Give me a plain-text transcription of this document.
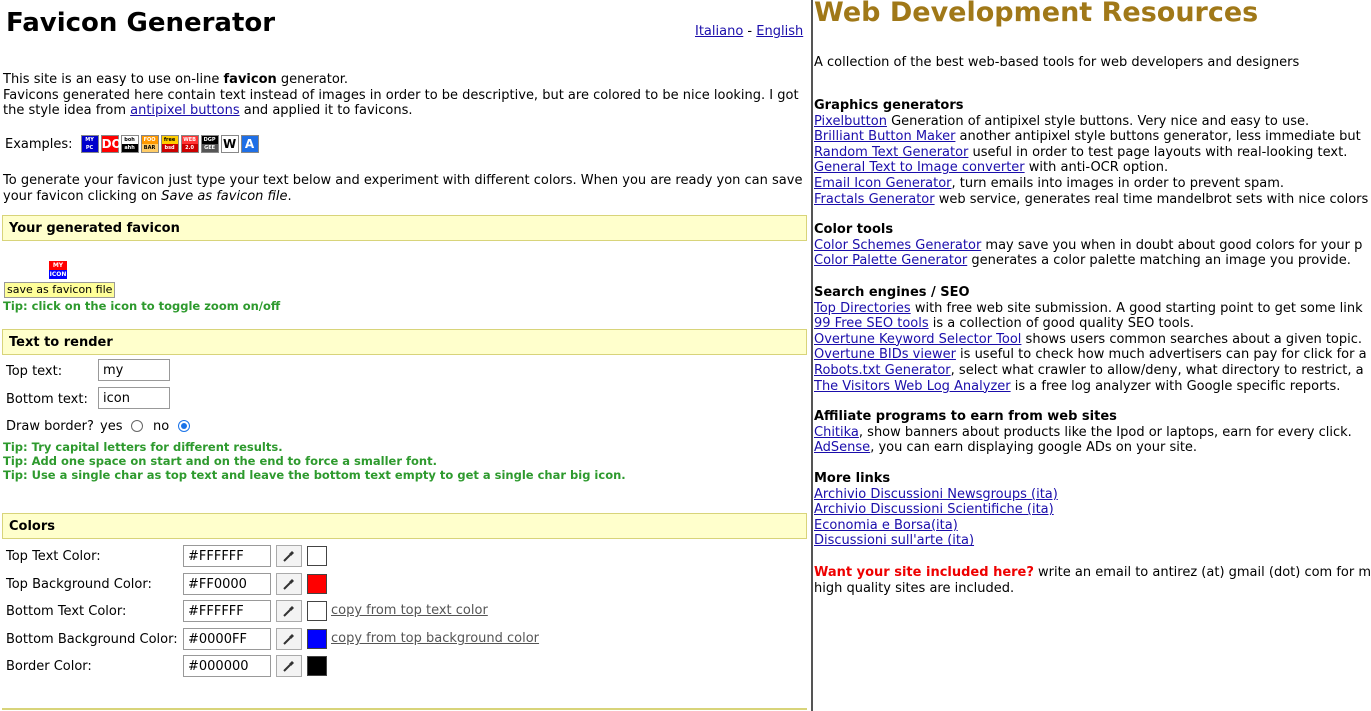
Favicon Generator	Italiano - English
This site is an easy to use on-line favicon generator.
Favicons generated here contain text instead of images in order to be descriptive, but are colored to be nice looking. I got the style idea from antipixel buttons and applied it to favicons.
Examples:	MY
PC DO boh
ahh
FOO
BAR
free
bsd
WEB
2.0
DGP
GEE W A
To generate your favicon just type your text below and experiment with different colors. When you are ready yon can save your favicon clicking on Save as favicon file.
Your generated favicon
MY
ICON
save as favicon file
Tip: click on the icon to toggle zoom on/off
Text to render
Top text:
my
Bottom text:
icon
Draw border? yes no
Tip: Try capital letters for different results.
Tip: Add one space on start and on the end to force a smaller font.
Tip: Use a single char as top text and leave the bottom text empty to get a single char big icon.
Colors
Top Text Color:
#FFFFFF
Top Background Color:
#FF0000
Bottom Text Color:
#FFFFFF	copy from top text color
Bottom Background Color:
#0000FF	copy from top background color
Border Color:
#000000
Web Development Resources
A collection of the best web-based tools for web developers and designers
Graphics generators
Pixelbutton Generation of antipixel style buttons. Very nice and easy to use.
Brilliant Button Maker another antipixel style buttons generator, less immediate but
Random Text Generator useful in order to test page layouts with real-looking text.
General Text to Image converter with anti-OCR option.
Email Icon Generator, turn emails into images in order to prevent spam.
Fractals Generator web service, generates real time mandelbrot sets with nice colors
Color tools
Color Schemes Generator may save you when in doubt about good colors for your p
Color Palette Generator generates a color palette matching an image you provide.
Search engines / SEO
Top Directories with free web site submission. A good starting point to get some link
99 Free SEO tools is a collection of good quality SEO tools.
Overtune Keyword Selector Tool shows users common searches about a given topic.
Overtune BIDs viewer is useful to check how much advertisers can pay for click for a
Robots.txt Generator, select what crawler to allow/deny, what directory to restrict, a
The Visitors Web Log Analyzer is a free log analyzer with Google specific reports.
Affiliate programs to earn from web sites
Chitika, show banners about products like the Ipod or laptops, earn for every click.
AdSense, you can earn displaying google ADs on your site.
More links
Archivio Discussioni Newsgroups (ita)
Archivio Discussioni Scientifiche (ita)
Economia e Borsa(ita)
Discussioni sull'arte (ita)
Want your site included here? write an email to antirez (at) gmail (dot) com for m
high quality sites are included.
